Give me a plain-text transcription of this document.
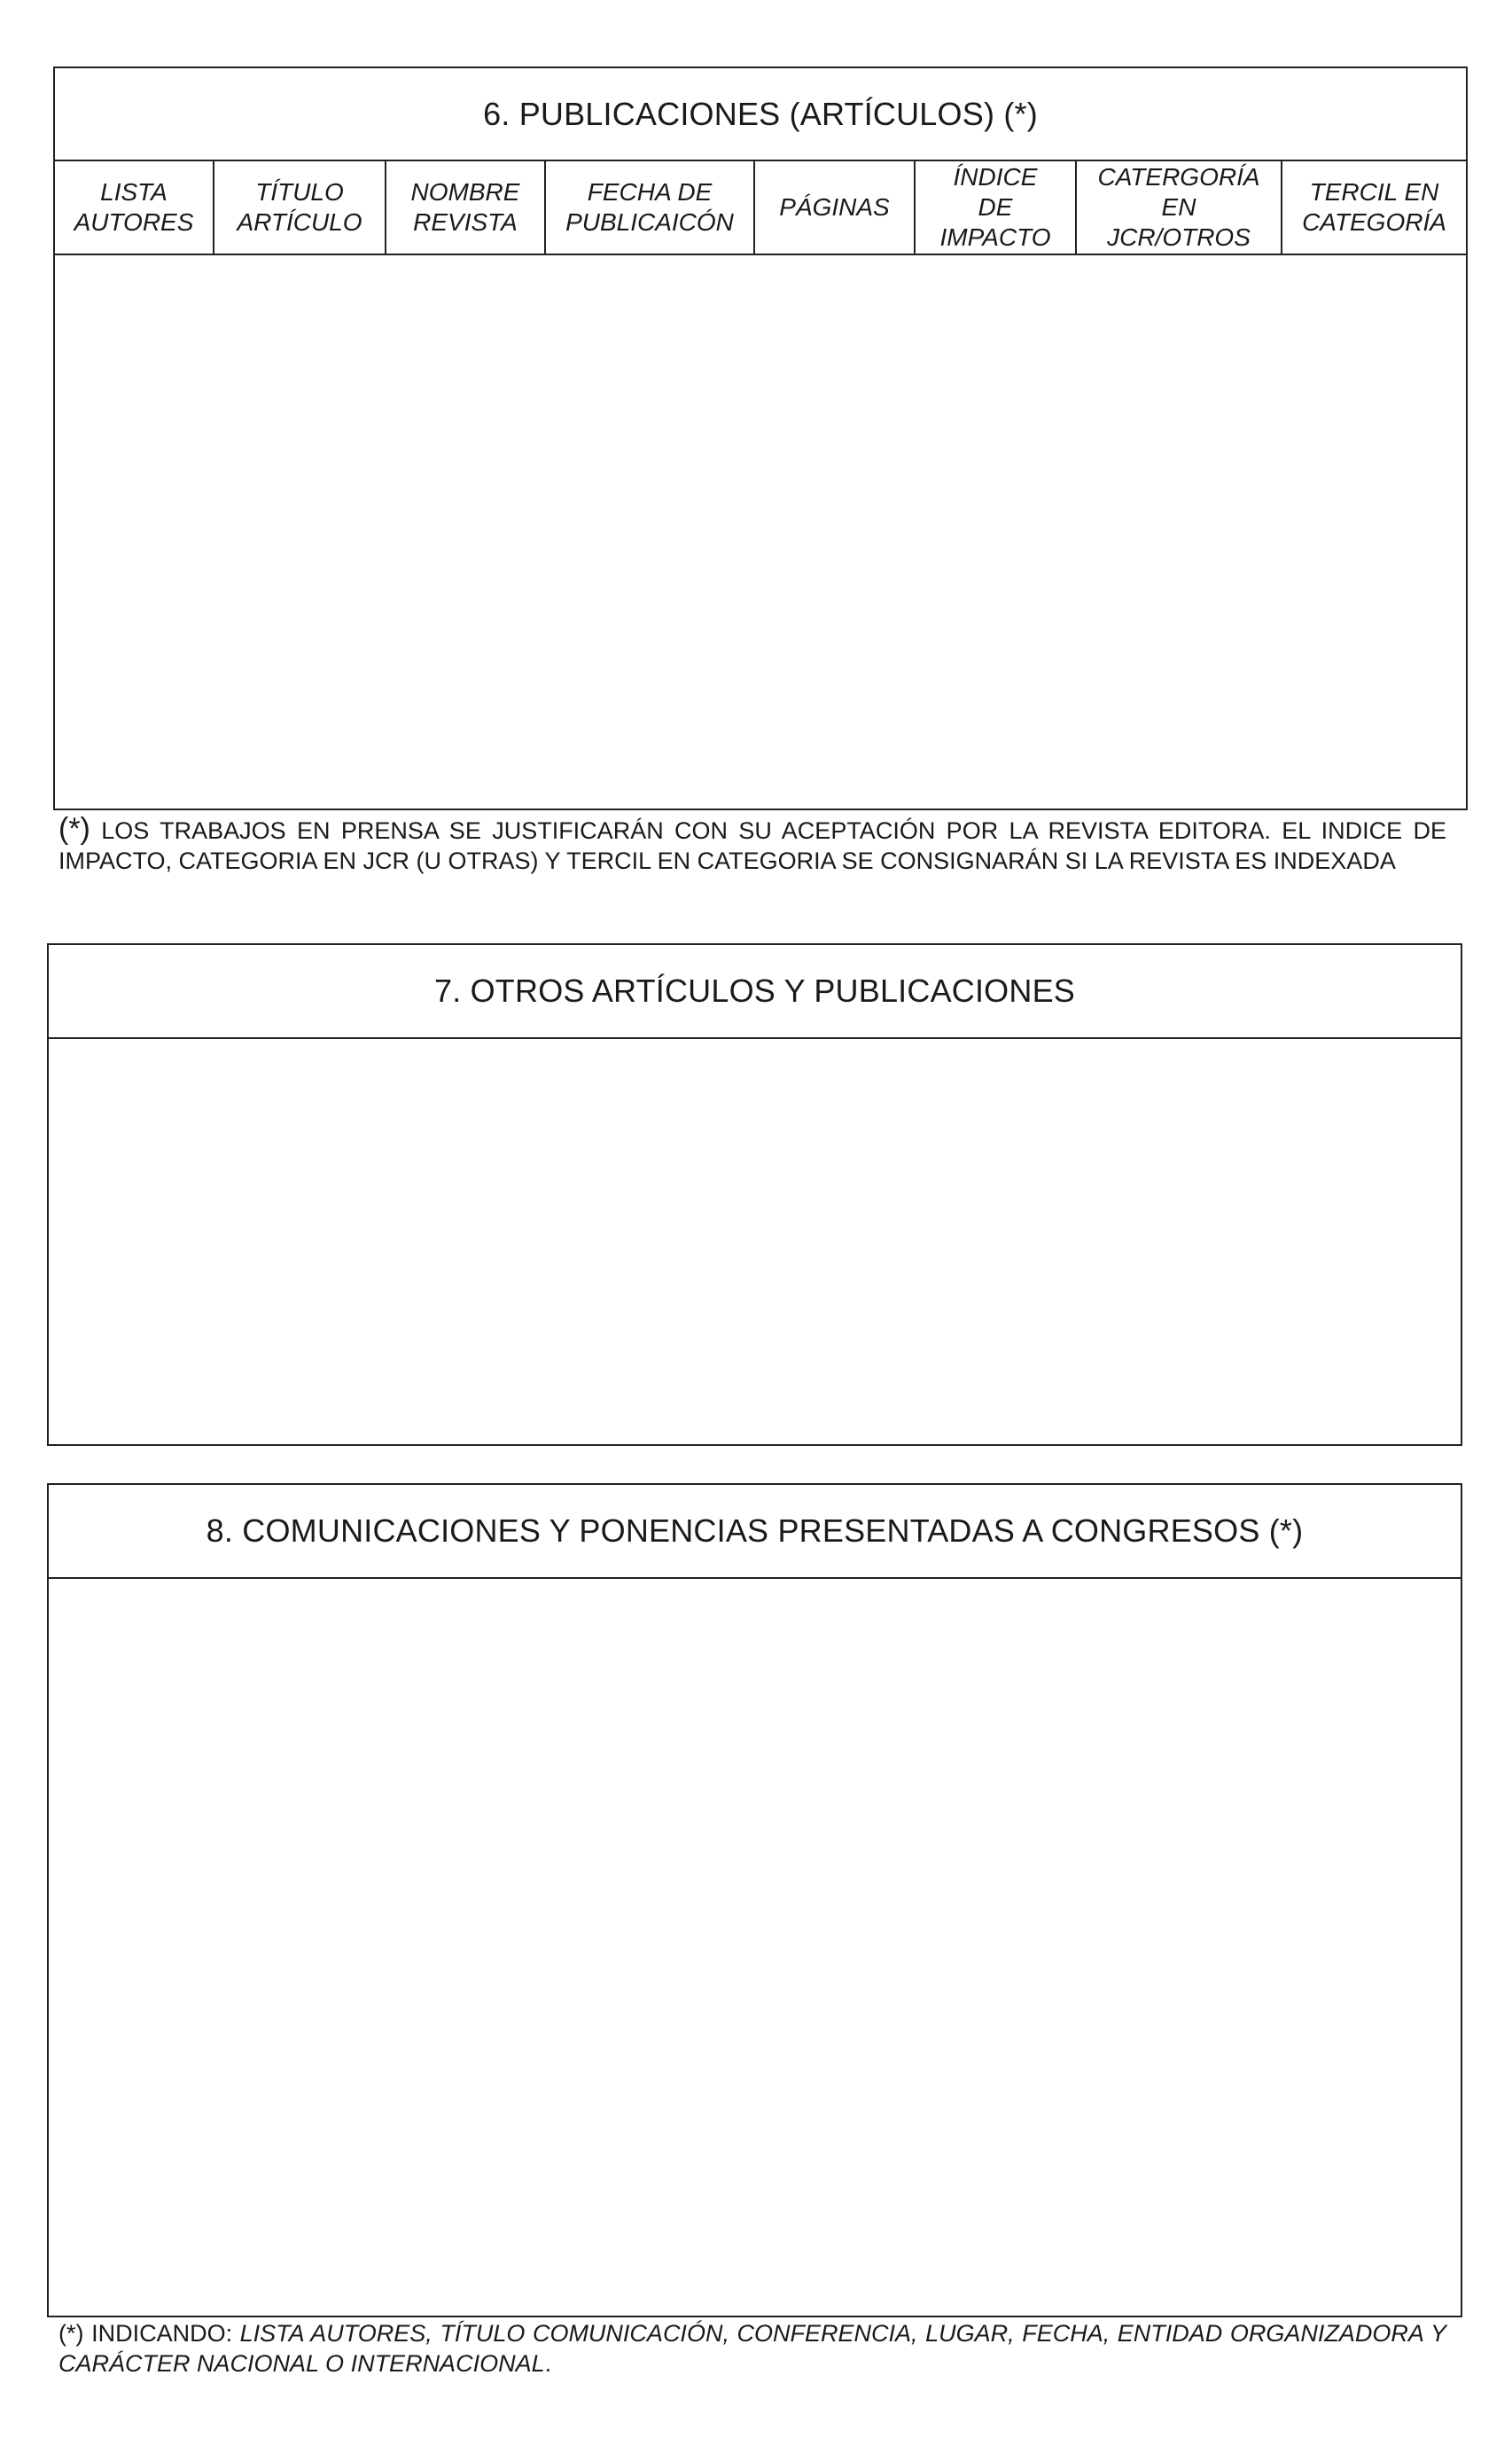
6. PUBLICACIONES (ARTÍCULOS) (*)
LISTA
AUTORES
TÍTULO
ARTÍCULO
NOMBRE
REVISTA
FECHA DE
PUBLICAICÓN
PÁGINAS
ÍNDICE
DE
IMPACTO
CATERGORÍA
EN
JCR/OTROS
TERCIL EN
CATEGORÍA
(*) LOS TRABAJOS EN PRENSA SE JUSTIFICARÁN CON SU ACEPTACIÓN POR LA REVISTA EDITORA. EL INDICE DE IMPACTO, CATEGORIA EN JCR (U OTRAS) Y TERCIL EN CATEGORIA SE CONSIGNARÁN SI LA REVISTA ES INDEXADA
7. OTROS ARTÍCULOS Y PUBLICACIONES
8. COMUNICACIONES Y PONENCIAS PRESENTADAS A CONGRESOS (*)
(*) INDICANDO: LISTA AUTORES, TÍTULO COMUNICACIÓN, CONFERENCIA, LUGAR, FECHA, ENTIDAD ORGANIZADORA Y CARÁCTER NACIONAL O INTERNACIONAL.
